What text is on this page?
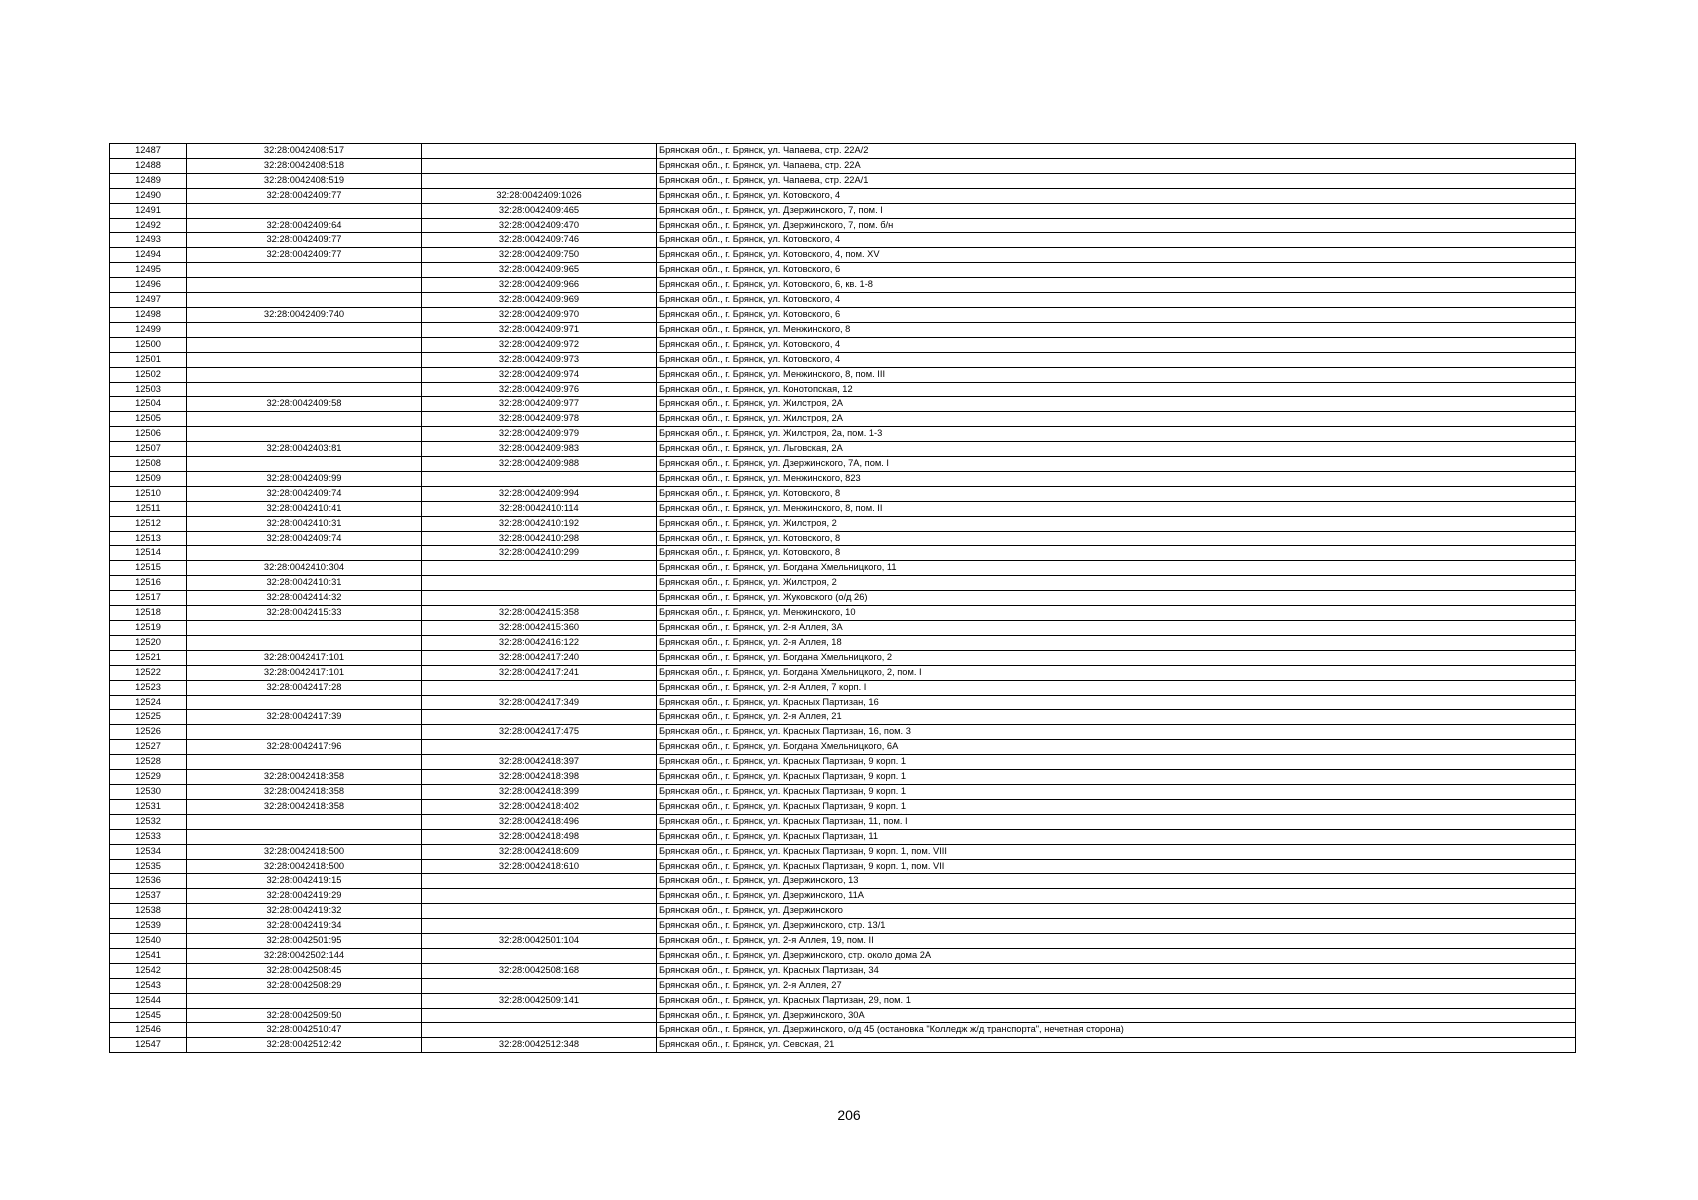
12487	32:28:0042408:517		Брянская обл., г. Брянск, ул. Чапаева, стр. 22А/2
12488	32:28:0042408:518		Брянская обл., г. Брянск, ул. Чапаева, стр. 22А
12489	32:28:0042408:519		Брянская обл., г. Брянск, ул. Чапаева, стр. 22А/1
12490	32:28:0042409:77	32:28:0042409:1026	Брянская обл., г. Брянск, ул. Котовского, 4
12491		32:28:0042409:465	Брянская обл., г. Брянск, ул. Дзержинского, 7, пом. I
12492	32:28:0042409:64	32:28:0042409:470	Брянская обл., г. Брянск, ул. Дзержинского, 7, пом. б/н
12493	32:28:0042409:77	32:28:0042409:746	Брянская обл., г. Брянск, ул. Котовского, 4
12494	32:28:0042409:77	32:28:0042409:750	Брянская обл., г. Брянск, ул. Котовского, 4, пом. XV
12495		32:28:0042409:965	Брянская обл., г. Брянск, ул. Котовского, 6
12496		32:28:0042409:966	Брянская обл., г. Брянск, ул. Котовского, 6, кв. 1-8
12497		32:28:0042409:969	Брянская обл., г. Брянск, ул. Котовского, 4
12498	32:28:0042409:740	32:28:0042409:970	Брянская обл., г. Брянск, ул. Котовского, 6
12499		32:28:0042409:971	Брянская обл., г. Брянск, ул. Менжинского, 8
12500		32:28:0042409:972	Брянская обл., г. Брянск, ул. Котовского, 4
12501		32:28:0042409:973	Брянская обл., г. Брянск, ул. Котовского, 4
12502		32:28:0042409:974	Брянская обл., г. Брянск, ул. Менжинского, 8, пом. III
12503		32:28:0042409:976	Брянская обл., г. Брянск, ул. Конотопская, 12
12504	32:28:0042409:58	32:28:0042409:977	Брянская обл., г. Брянск, ул. Жилстроя, 2А
12505		32:28:0042409:978	Брянская обл., г. Брянск, ул. Жилстроя, 2А
12506		32:28:0042409:979	Брянская обл., г. Брянск, ул. Жилстроя, 2а, пом. 1-3
12507	32:28:0042403:81	32:28:0042409:983	Брянская обл., г. Брянск, ул. Льговская, 2А
12508		32:28:0042409:988	Брянская обл., г. Брянск, ул. Дзержинского, 7А, пом. I
12509	32:28:0042409:99		Брянская обл., г. Брянск, ул. Менжинского, 823
12510	32:28:0042409:74	32:28:0042409:994	Брянская обл., г. Брянск, ул. Котовского, 8
12511	32:28:0042410:41	32:28:0042410:114	Брянская обл., г. Брянск, ул. Менжинского, 8, пом. II
12512	32:28:0042410:31	32:28:0042410:192	Брянская обл., г. Брянск, ул. Жилстроя, 2
12513	32:28:0042409:74	32:28:0042410:298	Брянская обл., г. Брянск, ул. Котовского, 8
12514		32:28:0042410:299	Брянская обл., г. Брянск, ул. Котовского, 8
12515	32:28:0042410:304		Брянская обл., г. Брянск, ул. Богдана Хмельницкого, 11
12516	32:28:0042410:31		Брянская обл., г. Брянск, ул. Жилстроя, 2
12517	32:28:0042414:32		Брянская обл., г. Брянск, ул. Жуковского (о/д 26)
12518	32:28:0042415:33	32:28:0042415:358	Брянская обл., г. Брянск, ул. Менжинского, 10
12519		32:28:0042415:360	Брянская обл., г. Брянск, ул. 2-я Аллея, 3А
12520		32:28:0042416:122	Брянская обл., г. Брянск, ул. 2-я Аллея, 18
12521	32:28:0042417:101	32:28:0042417:240	Брянская обл., г. Брянск, ул. Богдана Хмельницкого, 2
12522	32:28:0042417:101	32:28:0042417:241	Брянская обл., г. Брянск, ул. Богдана Хмельницкого, 2, пом. I
12523	32:28:0042417:28		Брянская обл., г. Брянск, ул. 2-я Аллея, 7 корп. I
12524		32:28:0042417:349	Брянская обл., г. Брянск, ул. Красных Партизан, 16
12525	32:28:0042417:39		Брянская обл., г. Брянск, ул. 2-я Аллея, 21
12526		32:28:0042417:475	Брянская обл., г. Брянск, ул. Красных Партизан, 16, пом. 3
12527	32:28:0042417:96		Брянская обл., г. Брянск, ул. Богдана Хмельницкого, 6А
12528		32:28:0042418:397	Брянская обл., г. Брянск, ул. Красных Партизан, 9 корп. 1
12529	32:28:0042418:358	32:28:0042418:398	Брянская обл., г. Брянск, ул. Красных Партизан, 9 корп. 1
12530	32:28:0042418:358	32:28:0042418:399	Брянская обл., г. Брянск, ул. Красных Партизан, 9 корп. 1
12531	32:28:0042418:358	32:28:0042418:402	Брянская обл., г. Брянск, ул. Красных Партизан, 9 корп. 1
12532		32:28:0042418:496	Брянская обл., г. Брянск, ул. Красных Партизан, 11, пом. I
12533		32:28:0042418:498	Брянская обл., г. Брянск, ул. Красных Партизан, 11
12534	32:28:0042418:500	32:28:0042418:609	Брянская обл., г. Брянск, ул. Красных Партизан, 9 корп. 1, пом. VIII
12535	32:28:0042418:500	32:28:0042418:610	Брянская обл., г. Брянск, ул. Красных Партизан, 9 корп. 1, пом. VII
12536	32:28:0042419:15		Брянская обл., г. Брянск, ул. Дзержинского, 13
12537	32:28:0042419:29		Брянская обл., г. Брянск, ул. Дзержинского, 11А
12538	32:28:0042419:32		Брянская обл., г. Брянск, ул. Дзержинского
12539	32:28:0042419:34		Брянская обл., г. Брянск, ул. Дзержинского, стр. 13/1
12540	32:28:0042501:95	32:28:0042501:104	Брянская обл., г. Брянск, ул. 2-я Аллея, 19, пом. II
12541	32:28:0042502:144		Брянская обл., г. Брянск, ул. Дзержинского, стр. около дома 2А
12542	32:28:0042508:45	32:28:0042508:168	Брянская обл., г. Брянск, ул. Красных Партизан, 34
12543	32:28:0042508:29		Брянская обл., г. Брянск, ул. 2-я Аллея, 27
12544		32:28:0042509:141	Брянская обл., г. Брянск, ул. Красных Партизан, 29, пом. 1
12545	32:28:0042509:50		Брянская обл., г. Брянск, ул. Дзержинского, 30А
12546	32:28:0042510:47		Брянская обл., г. Брянск, ул. Дзержинского, о/д 45 (остановка "Колледж ж/д транспорта", нечетная сторона)
12547	32:28:0042512:42	32:28:0042512:348	Брянская обл., г. Брянск, ул. Севская, 21
206
